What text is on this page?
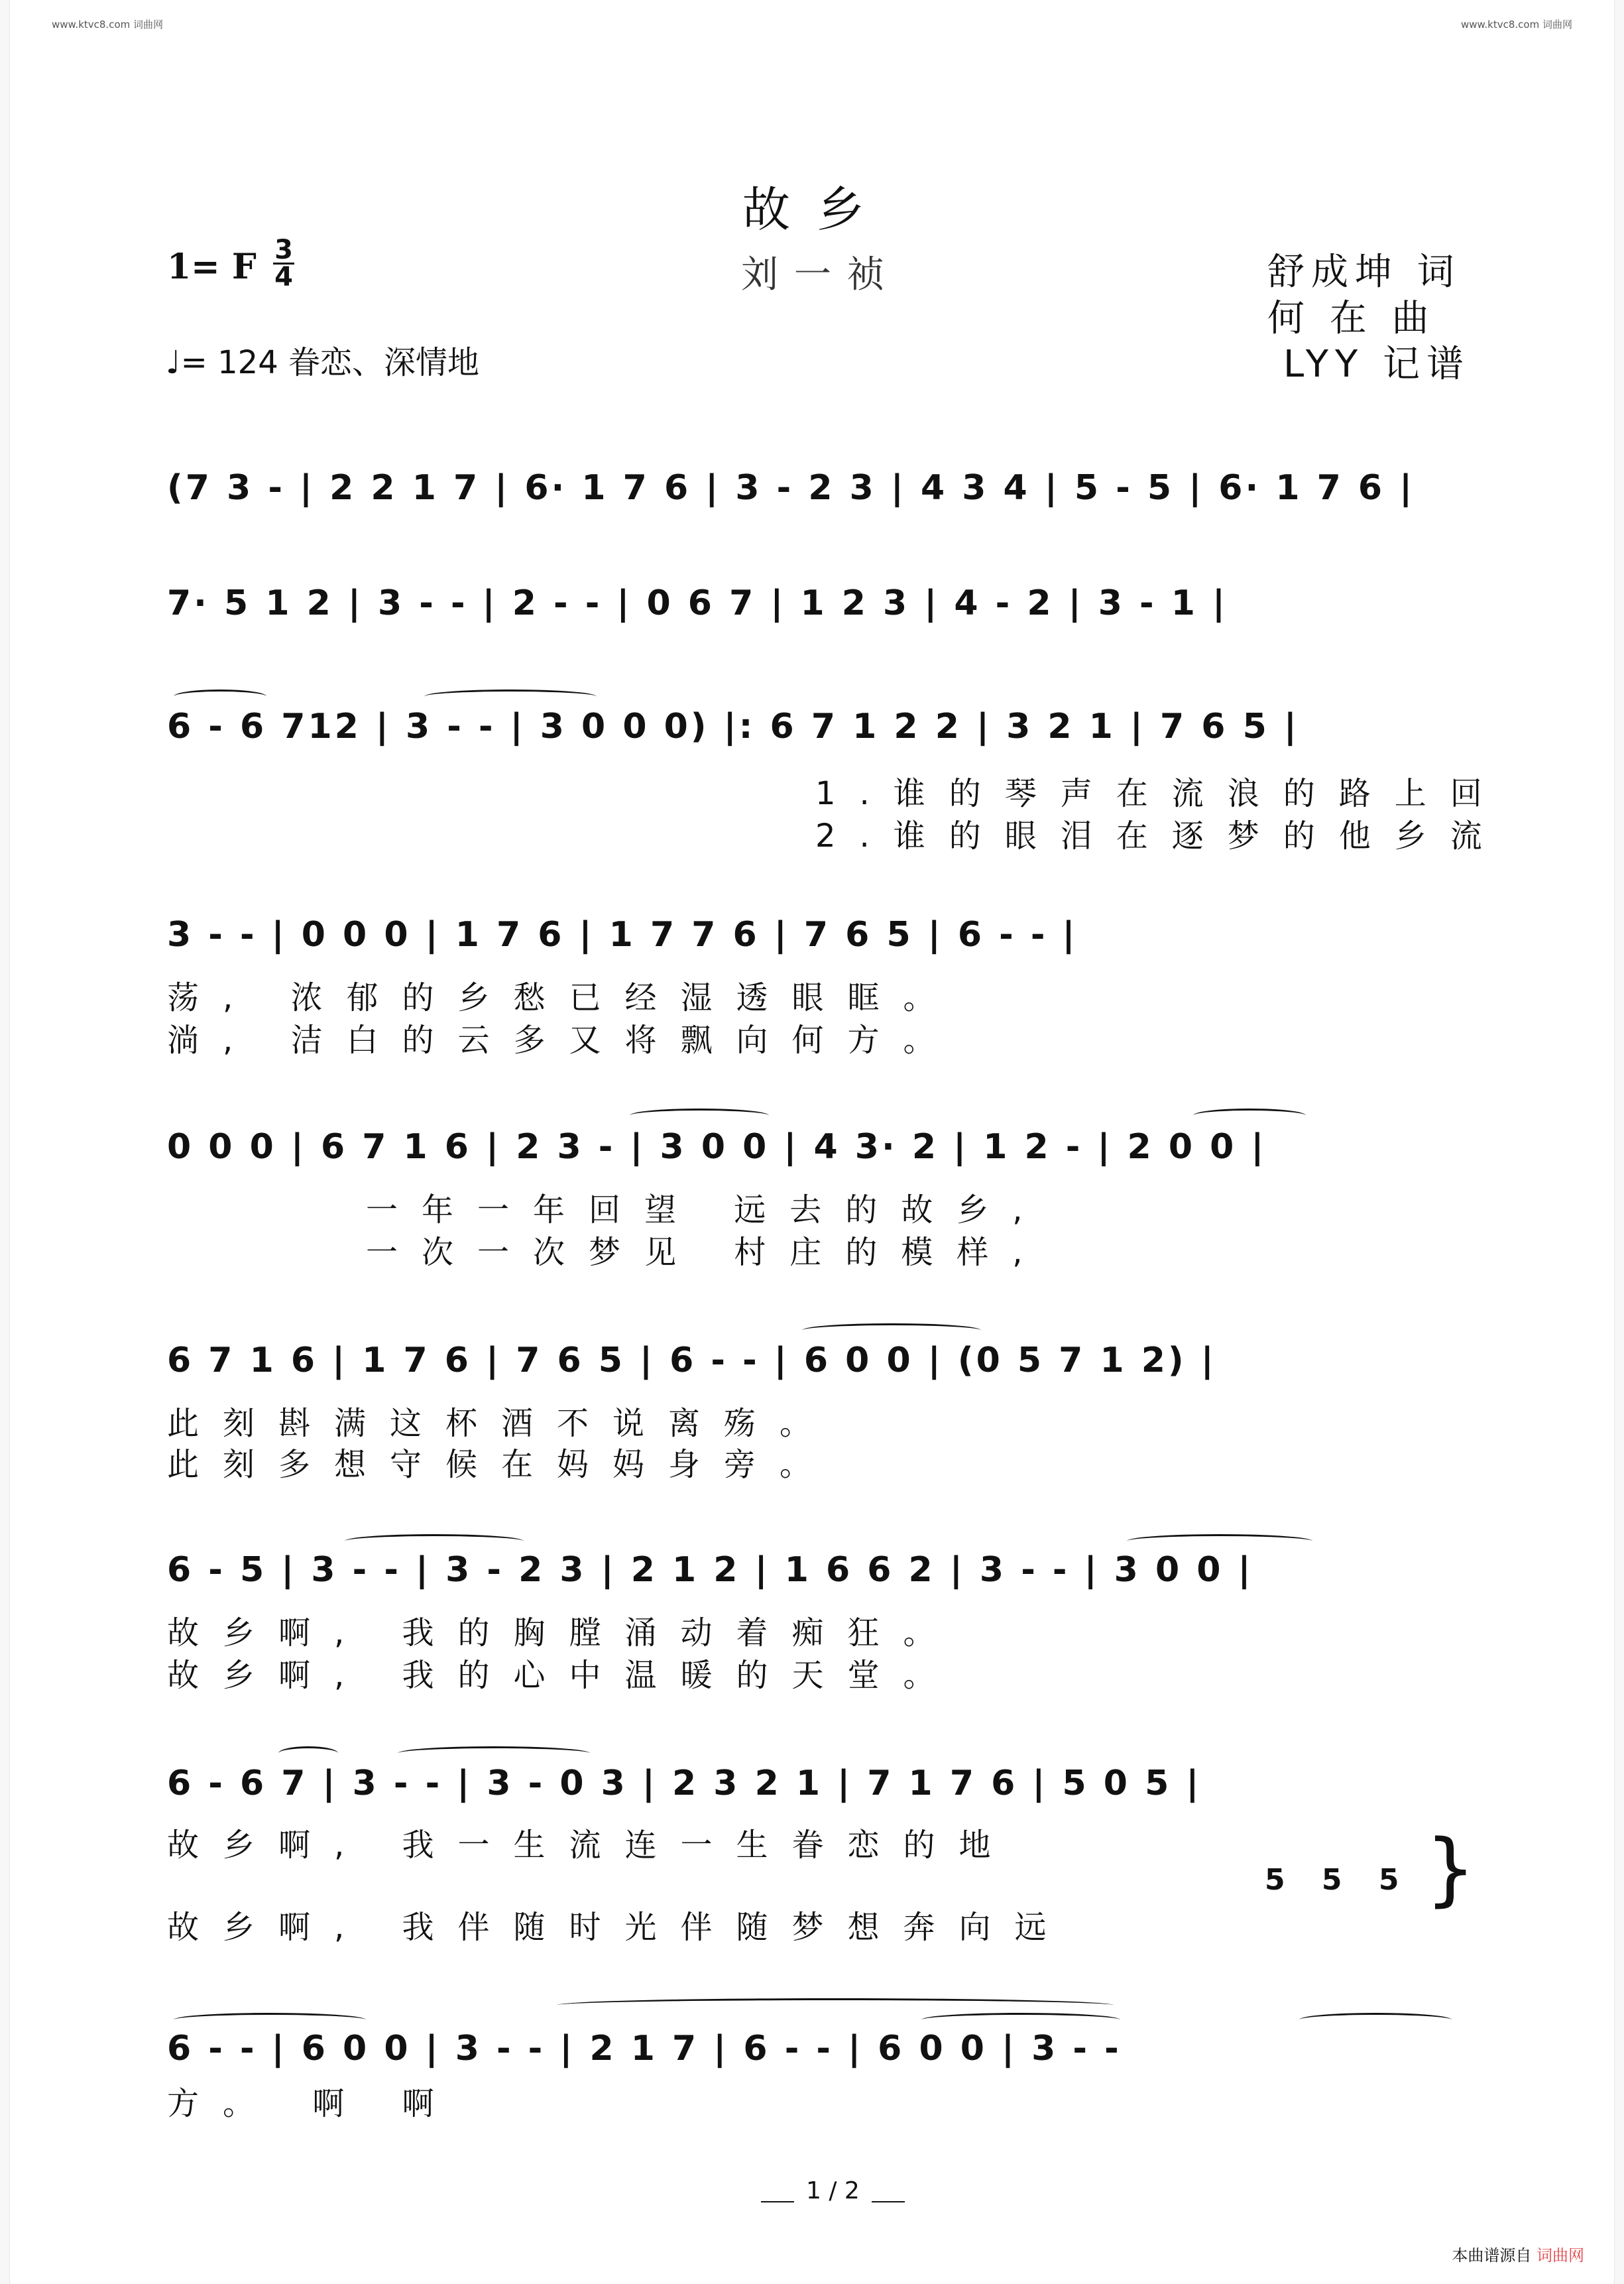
www.ktvc8.com 词曲网	www.ktvc8.com 词曲网
故乡
刘一祯
1= F 3
4
♩= 124 眷恋、深情地
舒成坤 词
何 在 曲
LYY 记谱
(7 3 - | 2 2 1 7 | 6· 1 7 6 | 3 - 2 3 | 4 3 4 | 5 - 5 | 6· 1 7 6 |
7· 5 1 2 | 3 - - | 2 - - | 0 6 7 | 1 2 3 | 4 - 2 | 3 - 1 |
6 - 6 712 | 3 - - | 3 0 0 0) |: 6 7 1 2 2 | 3 2 1 | 7 6 5 |
1.谁的琴声在流浪的路上回
2.谁的眼泪在逐梦的他乡流
3 - - | 0 0 0 | 1 7 6 | 1 7 7 6 | 7 6 5 | 6 - - |
荡, 浓郁的乡愁已经湿透眼眶。
淌, 洁白的云多又将飘向何方。
0 0 0 | 6 7 1 6 | 2 3 - | 3 0 0 | 4 3· 2 | 1 2 - | 2 0 0 |
一年一年回望 远去的故乡,
一次一次梦见 村庄的模样,
6 7 1 6 | 1 7 6 | 7 6 5 | 6 - - | 6 0 0 | (0 5 7 1 2) |
此刻斟满这杯酒不说离殇。
此刻多想守候在妈妈身旁。
6 - 5 | 3 - - | 3 - 2 3 | 2 1 2 | 1 6 6 2 | 3 - - | 3 0 0 |
故乡啊, 我的胸膛涌动着痴狂。
故乡啊, 我的心中温暖的天堂。
6 - 6 7 | 3 - - | 3 - 0 3 | 2 3 2 1 | 7 1 7 6 | 5 0 5 |
故乡啊, 我一生流连一生眷恋的地
5 5 5 }
故乡啊, 我伴随时光伴随梦想奔向远
6 - - | 6 0 0 | 3 - - | 2 1 7 | 6 - - | 6 0 0 | 3 - -
方。 啊 啊
1 / 2
本曲谱源自 词曲网
